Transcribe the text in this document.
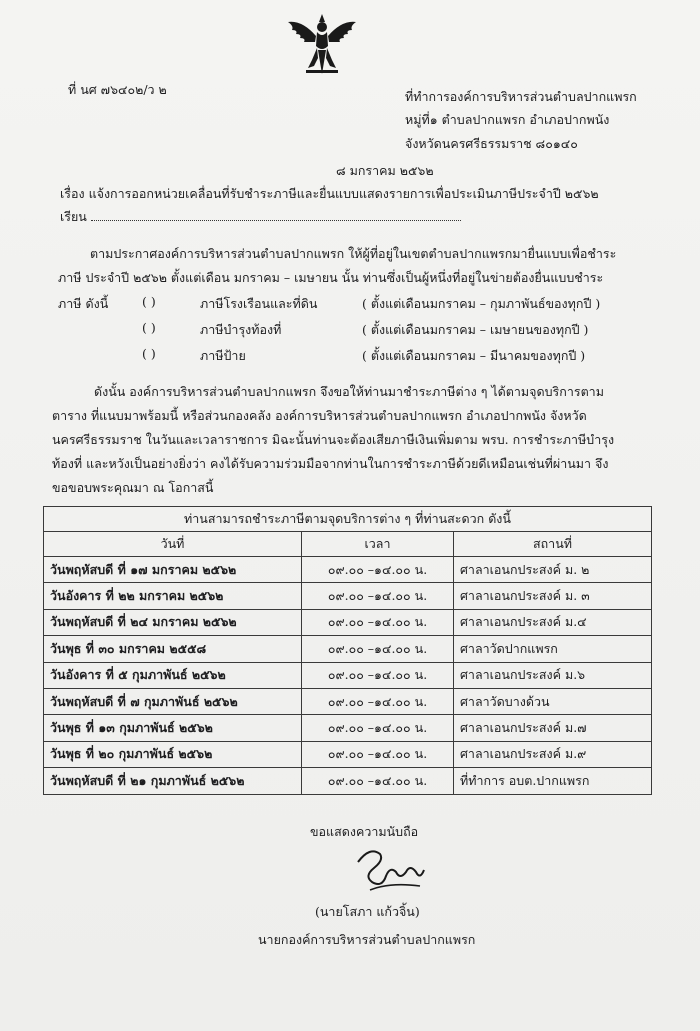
ที่ นศ ๗๖๔๐๒/ว ๒	ที่ทำการองค์การบริหารส่วนตำบลปากแพรก
หมู่ที่๑ ตำบลปากแพรก อำเภอปากพนัง
จังหวัดนครศรีธรรมราช ๘๐๑๔๐
๘ มกราคม ๒๕๖๒
เรื่อง แจ้งการออกหน่วยเคลื่อนที่รับชำระภาษีและยื่นแบบแสดงรายการเพื่อประเมินภาษีประจำปี ๒๕๖๒
เรียน
ตามประกาศองค์การบริหารส่วนตำบลปากแพรก ให้ผู้ที่อยู่ในเขตตำบลปากแพรกมายื่นแบบเพื่อชำระ
ภาษี ประจำปี ๒๕๖๒ ตั้งแต่เดือน มกราคม – เมษายน นั้น ท่านซึ่งเป็นผู้หนึ่งที่อยู่ในข่ายต้องยื่นแบบชำระ
ภาษี ดังนี้	( )	ภาษีโรงเรือนและที่ดิน	( ตั้งแต่เดือนมกราคม – กุมภาพันธ์ของทุกปี )
( )	ภาษีบำรุงท้องที่	( ตั้งแต่เดือนมกราคม – เมษายนของทุกปี )
( )	ภาษีป้าย	( ตั้งแต่เดือนมกราคม – มีนาคมของทุกปี )
ดังนั้น องค์การบริหารส่วนตำบลปากแพรก จึงขอให้ท่านมาชำระภาษีต่าง ๆ ได้ตามจุดบริการตาม
ตาราง ที่แนบมาพร้อมนี้ หรือส่วนกองคลัง องค์การบริหารส่วนตำบลปากแพรก อำเภอปากพนัง จังหวัด
นครศรีธรรมราช ในวันและเวลาราชการ มิฉะนั้นท่านจะต้องเสียภาษีเงินเพิ่มตาม พรบ. การชำระภาษีบำรุง
ท้องที่ และหวังเป็นอย่างยิ่งว่า คงได้รับความร่วมมือจากท่านในการชำระภาษีด้วยดีเหมือนเช่นที่ผ่านมา จึง
ขอขอบพระคุณมา ณ โอกาสนี้
ท่านสามารถชำระภาษีตามจุดบริการต่าง ๆ ที่ท่านสะดวก ดังนี้		
วันที่	เวลา	สถานที่
วันพฤหัสบดี ที่ ๑๗ มกราคม ๒๕๖๒	๐๙.๐๐ –๑๔.๐๐ น.	ศาลาเอนกประสงค์ ม. ๒
วันอังคาร ที่ ๒๒ มกราคม ๒๕๖๒	๐๙.๐๐ –๑๔.๐๐ น.	ศาลาเอนกประสงค์ ม. ๓
วันพฤหัสบดี ที่ ๒๔ มกราคม ๒๕๖๒	๐๙.๐๐ –๑๔.๐๐ น.	ศาลาเอนกประสงค์ ม.๔
วันพุธ ที่ ๓๐ มกราคม ๒๕๕๘	๐๙.๐๐ –๑๔.๐๐ น.	ศาลาวัดปากแพรก
วันอังคาร ที่ ๕ กุมภาพันธ์ ๒๕๖๒	๐๙.๐๐ –๑๔.๐๐ น.	ศาลาเอนกประสงค์ ม.๖
วันพฤหัสบดี ที่ ๗ กุมภาพันธ์ ๒๕๖๒	๐๙.๐๐ –๑๔.๐๐ น.	ศาลาวัดบางด้วน
วันพุธ ที่ ๑๓ กุมภาพันธ์ ๒๕๖๒	๐๙.๐๐ –๑๔.๐๐ น.	ศาลาเอนกประสงค์ ม.๗
วันพุธ ที่ ๒๐ กุมภาพันธ์ ๒๕๖๒	๐๙.๐๐ –๑๔.๐๐ น.	ศาลาเอนกประสงค์ ม.๙
วันพฤหัสบดี ที่ ๒๑ กุมภาพันธ์ ๒๕๖๒	๐๙.๐๐ –๑๔.๐๐ น.	ที่ทำการ อบต.ปากแพรก
ขอแสดงความนับถือ
(นายโสภา แก้วจิ้น)
นายกองค์การบริหารส่วนตำบลปากแพรก
